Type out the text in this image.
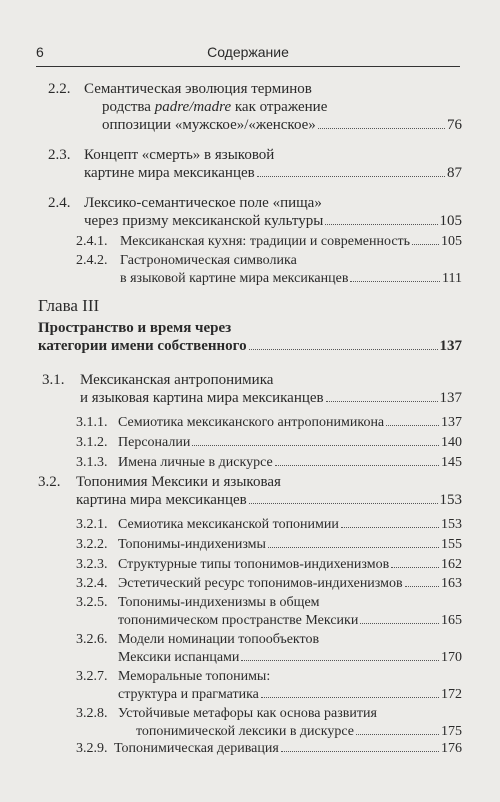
6	Содержание
Глава III
2.2. Семантическая эволюция терминов
родства padre/madre как отражение
оппозиции «мужское»/«женское»	76
2.3. Концепт «смерть» в языковой
картине мира мексиканцев	87
2.4. Лексико-семантическое поле «пища»
через призму мексиканской культуры	105
2.4.1. Мексиканская кухня: традиции и современность 105
2.4.2. Гастрономическая символика
в языковой картине мира мексиканцев	111
Пространство и время через
категории имени собственного	137
3.1. Мексиканская антропонимика
и языковая картина мира мексиканцев	137
3.1.1. Семиотика мексиканского антропонимикона	137
3.1.2. Персоналии	140
3.1.3. Имена личные в дискурсе	145
3.2. Топонимия Мексики и языковая
картина мира мексиканцев	153
3.2.1. Семиотика мексиканской топонимии	153
3.2.2. Топонимы-индихенизмы	155
3.2.3. Структурные типы топонимов-индихенизмов	162
3.2.4. Эстетический ресурс топонимов-индихенизмов	163
3.2.5. Топонимы-индихенизмы в общем
топонимическом пространстве Мексики	165
3.2.6. Модели номинации топообъектов
Мексики испанцами	170
3.2.7. Меморальные топонимы:
структура и прагматика	172
3.2.8. Устойчивые метафоры как основа развития
топонимической лексики в дискурсе	175
3.2.9. Топонимическая деривация	176
